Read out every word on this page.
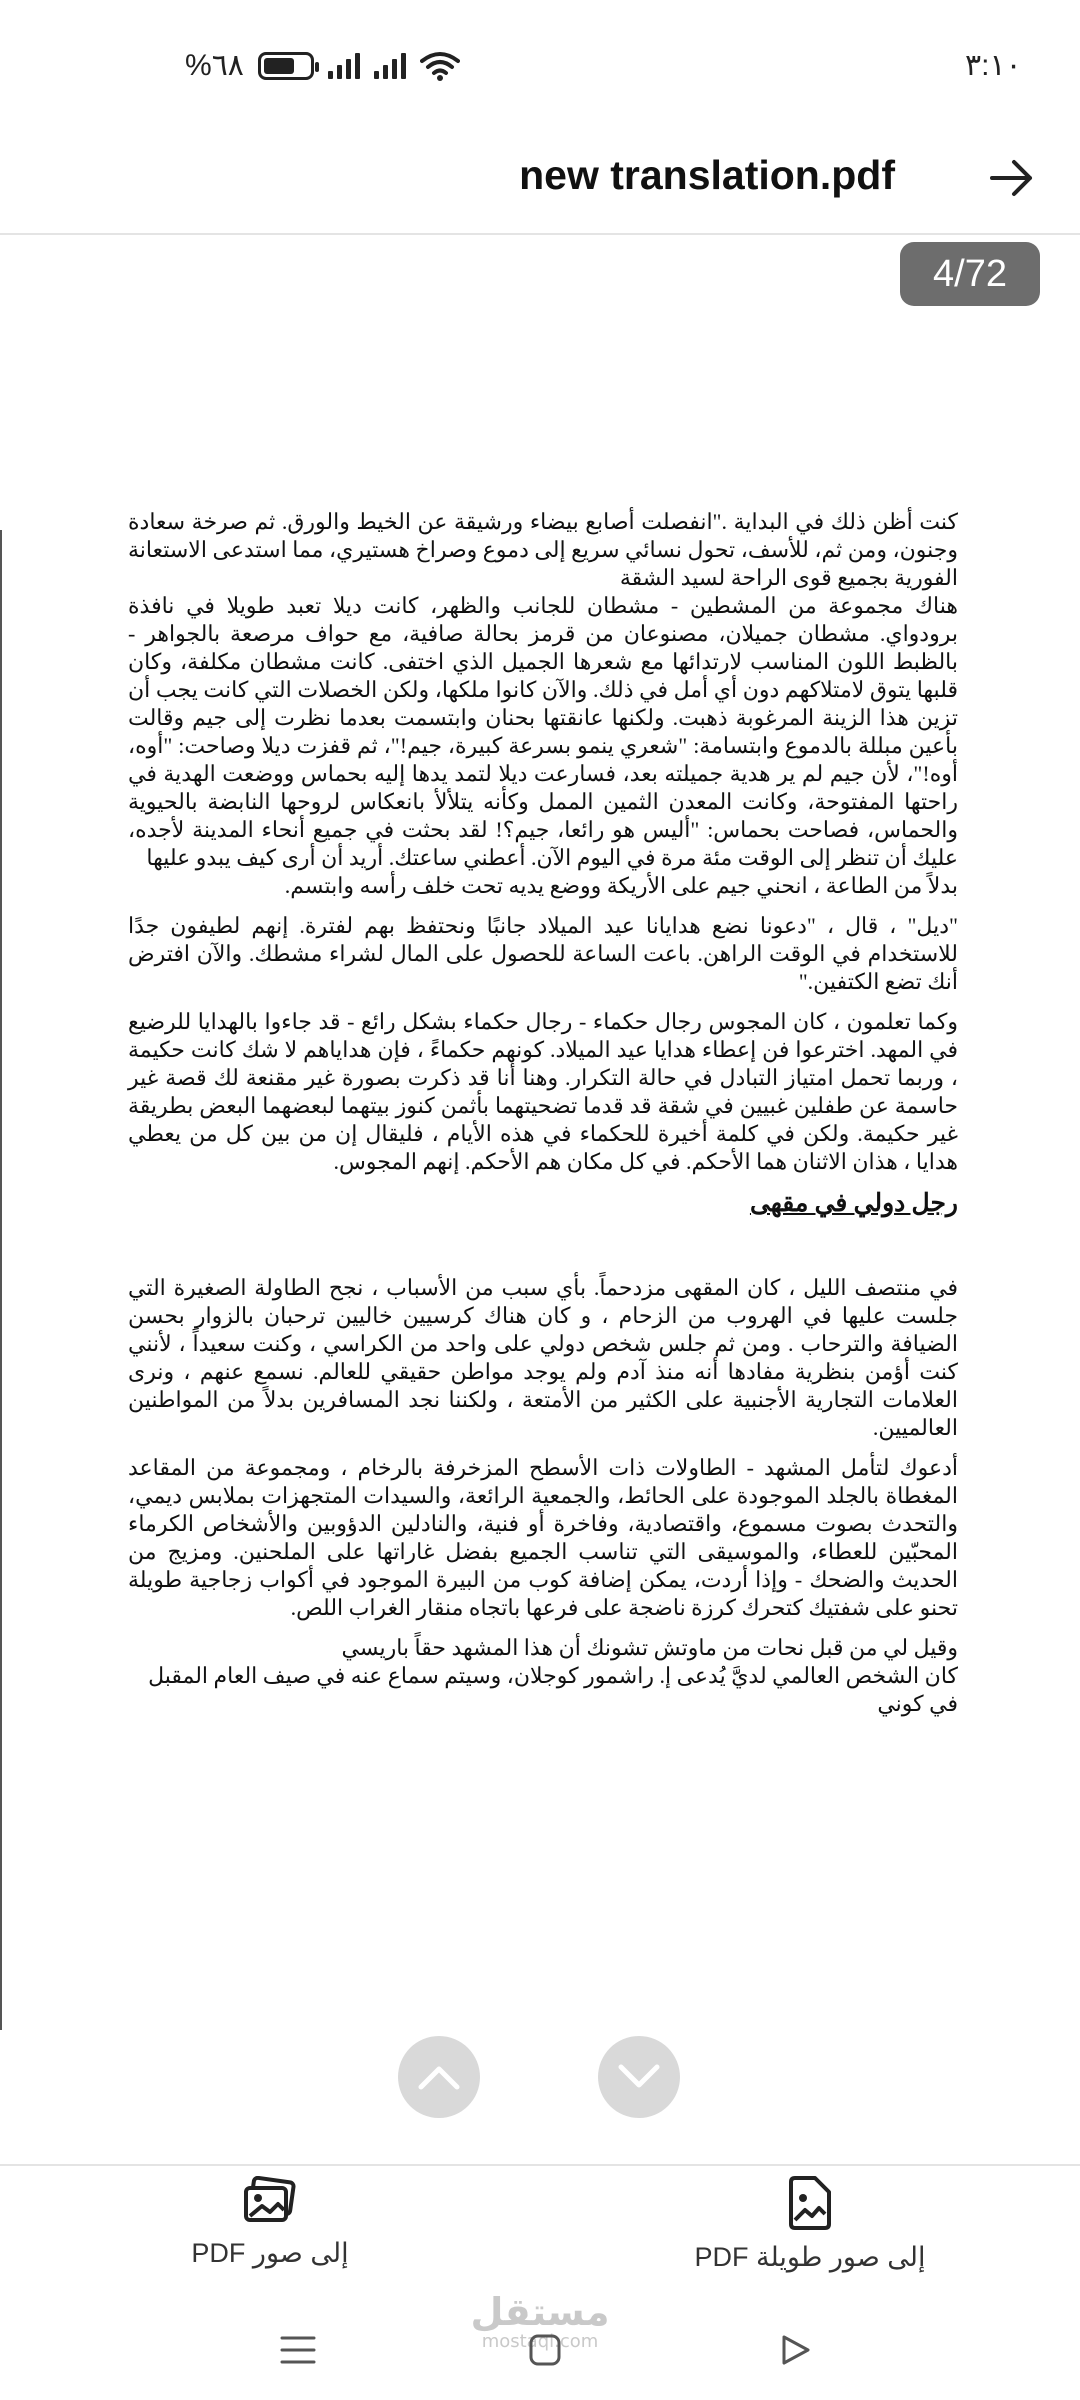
%٦٨	٣:١٠
new translation.pdf
4/72
كنت أظن ذلك في البداية ."انفصلت أصابع بيضاء ورشيقة عن الخيط والورق. ثم صرخة سعادة وجنون، ومن ثم، للأسف، تحول نسائي سريع إلى دموع وصراخ هستيري، مما استدعى الاستعانة الفورية بجميع قوى الراحة لسيد الشقة
هناك مجموعة من المشطين - مشطان للجانب والظهر، كانت ديلا تعبد طويلا في نافذة برودواي. مشطان جميلان، مصنوعان من قرمز بحالة صافية، مع حواف مرصعة بالجواهر - بالظبط اللون المناسب لارتدائها مع شعرها الجميل الذي اختفى. كانت مشطان مكلفة، وكان قلبها يتوق لامتلاكهم دون أي أمل في ذلك. والآن كانوا ملكها، ولكن الخصلات التي كانت يجب أن تزين هذا الزينة المرغوبة ذهبت. ولكنها عانقتها بحنان وابتسمت بعدما نظرت إلى جيم وقالت بأعين مبللة بالدموع وابتسامة: "شعري ينمو بسرعة كبيرة، جيم!"، ثم قفزت ديلا وصاحت: "أوه، أوه!"، لأن جيم لم ير هدية جميلته بعد، فسارعت ديلا لتمد يدها إليه بحماس ووضعت الهدية في راحتها المفتوحة، وكانت المعدن الثمين الممل وكأنه يتلألأ بانعكاس لروحها النابضة بالحيوية والحماس، فصاحت بحماس: "أليس هو رائعا، جيم؟! لقد بحثت في جميع أنحاء المدينة لأجده، عليك أن تنظر إلى الوقت مئة مرة في اليوم الآن. أعطني ساعتك. أريد أن أرى كيف يبدو عليها
بدلاً من الطاعة ، انحني جيم على الأريكة ووضع يديه تحت خلف رأسه وابتسم.
"ديل" ، قال ، "دعونا نضع هدايانا عيد الميلاد جانبًا ونحتفظ بهم لفترة. إنهم لطيفون جدًا للاستخدام في الوقت الراهن. باعت الساعة للحصول على المال لشراء مشطك. والآن افترض أنك تضع الكتفين."
وكما تعلمون ، كان المجوس رجال حكماء - رجال حكماء بشكل رائع - قد جاءوا بالهدايا للرضيع في المهد. اخترعوا فن إعطاء هدايا عيد الميلاد. كونهم حكماءً ، فإن هداياهم لا شك كانت حكيمة ، وربما تحمل امتياز التبادل في حالة التكرار. وهنا أنا قد ذكرت بصورة غير مقنعة لك قصة غير حاسمة عن طفلين غبيين في شقة قد قدما تضحيتهما بأثمن كنوز بيتهما لبعضهما البعض بطريقة غير حكيمة. ولكن في كلمة أخيرة للحكماء في هذه الأيام ، فليقال إن من بين كل من يعطي هدايا ، هذان الاثنان هما الأحكم. في كل مكان هم الأحكم. إنهم المجوس.
رجل دولي في مقهى
في منتصف الليل ، كان المقهى مزدحماً. بأي سبب من الأسباب ، نجح الطاولة الصغيرة التي جلست عليها في الهروب من الزحام ، و كان هناك كرسيين خاليين ترحبان بالزوار بحسن الضيافة والترحاب . ومن ثم جلس شخص دولي على واحد من الكراسي ، وكنت سعيداً ، لأنني كنت أؤمن بنظرية مفادها أنه منذ آدم ولم يوجد مواطن حقيقي للعالم. نسمع عنهم ، ونرى العلامات التجارية الأجنبية على الكثير من الأمتعة ، ولكننا نجد المسافرين بدلاً من المواطنين العالميين.
أدعوك لتأمل المشهد - الطاولات ذات الأسطح المزخرفة بالرخام ، ومجموعة من المقاعد المغطاة بالجلد الموجودة على الحائط، والجمعية الرائعة، والسيدات المتجهزات بملابس ديمي، والتحدث بصوت مسموع، واقتصادية، وفاخرة أو فنية، والنادلين الدؤوبين والأشخاص الكرماء المحبّين للعطاء، والموسيقى التي تناسب الجميع بفضل غاراتها على الملحنين. ومزيج من الحديث والضحك - وإذا أردت، يمكن إضافة كوب من البيرة الموجود في أكواب زجاجية طويلة تحنو على شفتيك كتحرك كرزة ناضجة على فرعها باتجاه منقار الغراب اللص.
وقيل لي من قبل نحات من ماوتش تشونك أن هذا المشهد حقاً باريسي
كان الشخص العالمي لديَّ يُدعى إ. راشمور كوجلان، وسيتم سماع عنه في صيف العام المقبل في كوني
إلى صور PDF	إلى صور طويلة PDF
مستقل
mostaql.com
